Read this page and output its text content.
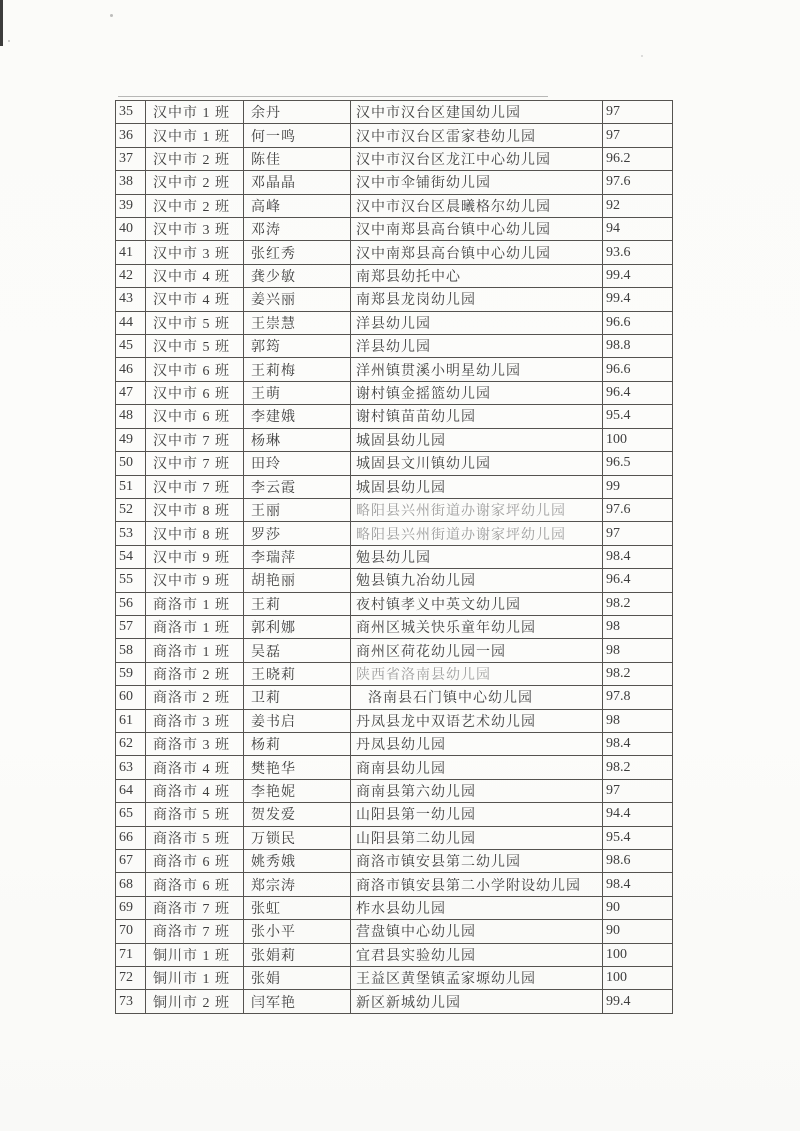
35	汉中市 1 班	余丹	汉中市汉台区建国幼儿园	97
36	汉中市 1 班	何一鸣	汉中市汉台区雷家巷幼儿园	97
37	汉中市 2 班	陈佳	汉中市汉台区龙江中心幼儿园	96.2
38	汉中市 2 班	邓晶晶	汉中市伞铺街幼儿园	97.6
39	汉中市 2 班	高峰	汉中市汉台区晨曦格尔幼儿园	92
40	汉中市 3 班	邓涛	汉中南郑县高台镇中心幼儿园	94
41	汉中市 3 班	张红秀	汉中南郑县高台镇中心幼儿园	93.6
42	汉中市 4 班	龚少敏	南郑县幼托中心	99.4
43	汉中市 4 班	姜兴丽	南郑县龙岗幼儿园	99.4
44	汉中市 5 班	王崇慧	洋县幼儿园	96.6
45	汉中市 5 班	郭筠	洋县幼儿园	98.8
46	汉中市 6 班	王莉梅	洋州镇贯溪小明星幼儿园	96.6
47	汉中市 6 班	王萌	谢村镇金摇篮幼儿园	96.4
48	汉中市 6 班	李建娥	谢村镇苗苗幼儿园	95.4
49	汉中市 7 班	杨琳	城固县幼儿园	100
50	汉中市 7 班	田玲	城固县文川镇幼儿园	96.5
51	汉中市 7 班	李云霞	城固县幼儿园	99
52	汉中市 8 班	王丽	略阳县兴州街道办谢家坪幼儿园	97.6
53	汉中市 8 班	罗莎	略阳县兴州街道办谢家坪幼儿园	97
54	汉中市 9 班	李瑞萍	勉县幼儿园	98.4
55	汉中市 9 班	胡艳丽	勉县镇九冶幼儿园	96.4
56	商洛市 1 班	王莉	夜村镇孝义中英文幼儿园	98.2
57	商洛市 1 班	郭利娜	商州区城关快乐童年幼儿园	98
58	商洛市 1 班	吴磊	商州区荷花幼儿园一园	98
59	商洛市 2 班	王晓莉	陕西省洛南县幼儿园	98.2
60	商洛市 2 班	卫莉	洛南县石门镇中心幼儿园	97.8
61	商洛市 3 班	姜书启	丹凤县龙中双语艺术幼儿园	98
62	商洛市 3 班	杨莉	丹凤县幼儿园	98.4
63	商洛市 4 班	樊艳华	商南县幼儿园	98.2
64	商洛市 4 班	李艳妮	商南县第六幼儿园	97
65	商洛市 5 班	贺发爱	山阳县第一幼儿园	94.4
66	商洛市 5 班	万锁民	山阳县第二幼儿园	95.4
67	商洛市 6 班	姚秀娥	商洛市镇安县第二幼儿园	98.6
68	商洛市 6 班	郑宗涛	商洛市镇安县第二小学附设幼儿园	98.4
69	商洛市 7 班	张虹	柞水县幼儿园	90
70	商洛市 7 班	张小平	营盘镇中心幼儿园	90
71	铜川市 1 班	张娟莉	宜君县实验幼儿园	100
72	铜川市 1 班	张娟	王益区黄堡镇孟家塬幼儿园	100
73	铜川市 2 班	闫军艳	新区新城幼儿园	99.4
